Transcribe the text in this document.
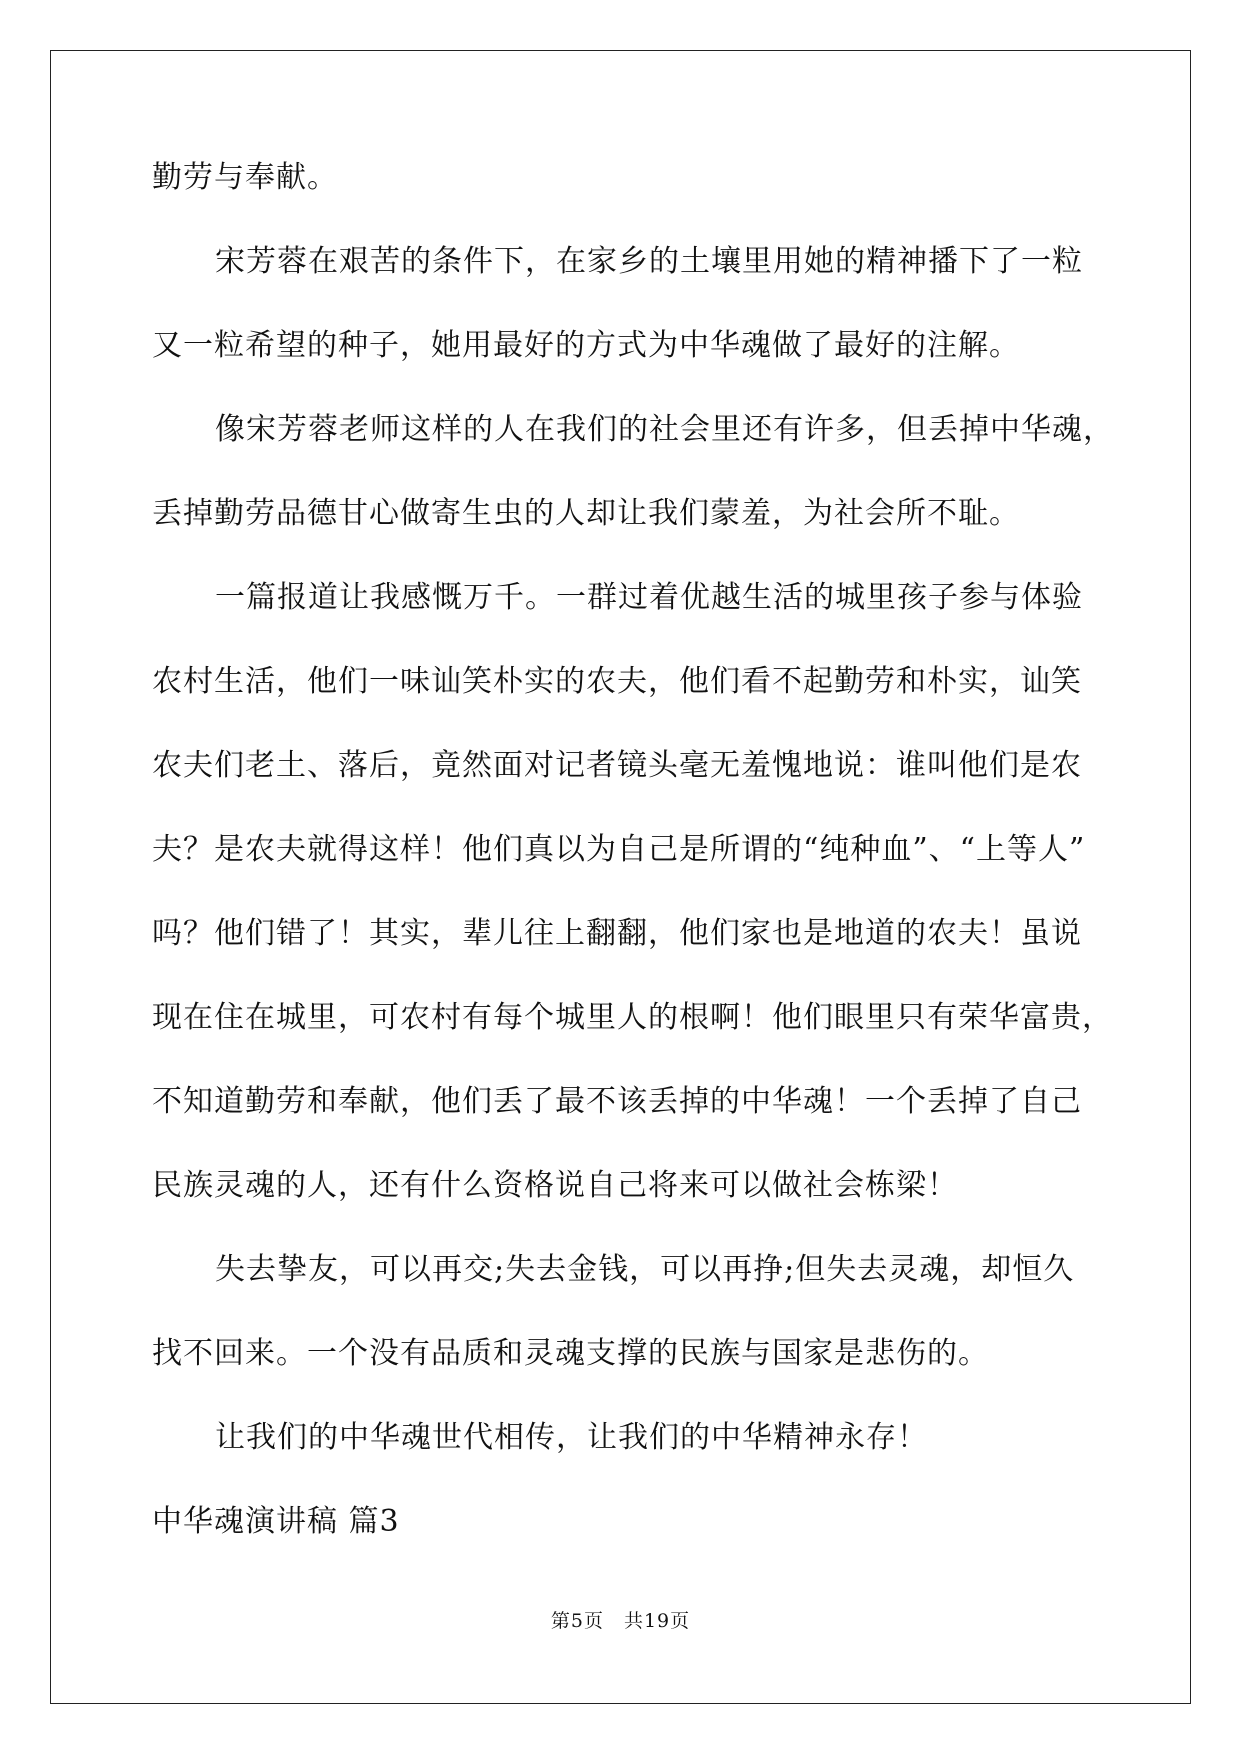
勤劳与奉献。
宋芳蓉在艰苦的条件下，在家乡的土壤里用她的精神播下了一粒
又一粒希望的种子，她用最好的方式为中华魂做了最好的注解。
像宋芳蓉老师这样的人在我们的社会里还有许多，但丢掉中华魂，
丢掉勤劳品德甘心做寄生虫的人却让我们蒙羞，为社会所不耻。
一篇报道让我感慨万千。一群过着优越生活的城里孩子参与体验
农村生活，他们一味讪笑朴实的农夫，他们看不起勤劳和朴实，讪笑
农夫们老土、落后，竟然面对记者镜头毫无羞愧地说：谁叫他们是农
夫？是农夫就得这样！他们真以为自己是所谓的“纯种血”、“上等人”
吗？他们错了！其实，辈儿往上翻翻，他们家也是地道的农夫！虽说
现在住在城里，可农村有每个城里人的根啊！他们眼里只有荣华富贵，
不知道勤劳和奉献，他们丢了最不该丢掉的中华魂！一个丢掉了自己
民族灵魂的人，还有什么资格说自己将来可以做社会栋梁！
失去挚友，可以再交;失去金钱，可以再挣;但失去灵魂，却恒久
找不回来。一个没有品质和灵魂支撑的民族与国家是悲伤的。
让我们的中华魂世代相传，让我们的中华精神永存！
中华魂演讲稿 篇3
第5页　共19页
